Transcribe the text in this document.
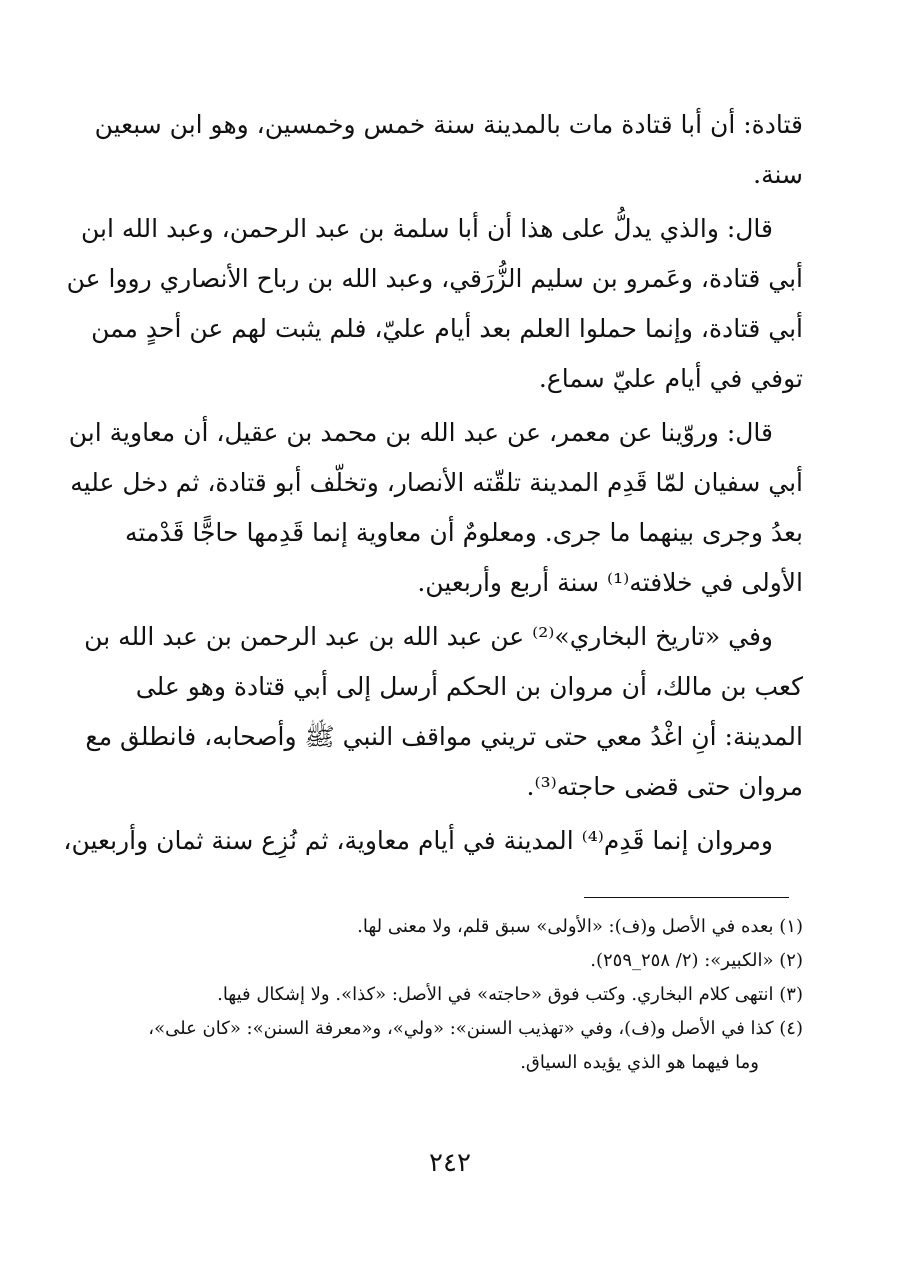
قتادة: أن أبا قتادة مات بالمدينة سنة خمس وخمسين، وهو ابن سبعين
سنة.

قال: والذي يدلُّ على هذا أن أبا سلمة بن عبد الرحمن، وعبد الله ابن
أبي قتادة، وعَمرو بن سليم الزُّرَقي، وعبد الله بن رباح الأنصاري رووا عن
أبي قتادة، وإنما حملوا العلم بعد أيام عليّ، فلم يثبت لهم عن أحدٍ ممن
توفي في أيام عليّ سماع.

قال: وروّينا عن معمر، عن عبد الله بن محمد بن عقيل، أن معاوية ابن
أبي سفيان لمّا قَدِم المدينة تلقّته الأنصار، وتخلّف أبو قتادة، ثم دخل عليه
بعدُ وجرى بينهما ما جرى. ومعلومٌ أن معاوية إنما قَدِمها حاجًّا قَدْمته
الأولى في خلافته⁽¹⁾ سنة أربع وأربعين.

وفي «تاريخ البخاري»⁽²⁾ عن عبد الله بن عبد الرحمن بن عبد الله بن
كعب بن مالك، أن مروان بن الحكم أرسل إلى أبي قتادة وهو على
المدينة: أنِ اغْدُ معي حتى تريني مواقف النبي ﷺ وأصحابه، فانطلق مع
مروان حتى قضى حاجته⁽³⁾.

ومروان إنما قَدِم⁽⁴⁾ المدينة في أيام معاوية، ثم نُزِع سنة ثمان وأربعين،

(١) بعده في الأصل و(ف): «الأولى» سبق قلم، ولا معنى لها.

(٢) «الكبير»: (٢/ ٢٥٨_٢٥٩).

(٣) انتهى كلام البخاري. وكتب فوق «حاجته» في الأصل: «كذا». ولا إشكال فيها.

(٤) كذا في الأصل و(ف)، وفي «تهذيب السنن»: «ولي»، و«معرفة السنن»: «كان على»،

وما فيهما هو الذي يؤيده السياق.

٢٤٢
